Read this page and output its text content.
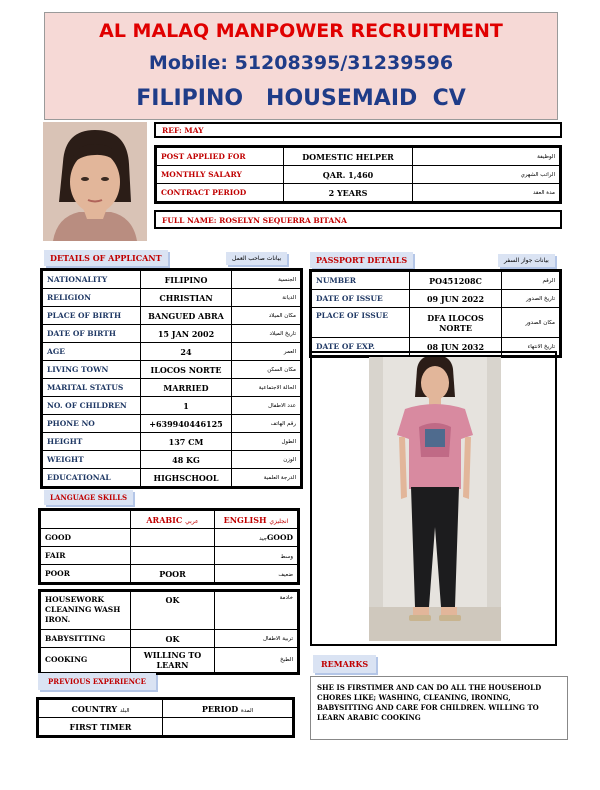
AL MALAQ MANPOWER RECRUITMENT
Mobile: 51208395/31239596
FILIPINO   HOUSEMAID  CV
REF: MAY
POST APPLIED FOR	DOMESTIC HELPER	الوظيفة
MONTHLY SALARY	QAR. 1,460	الراتب الشهري
CONTRACT PERIOD	2 YEARS	مدة العقد
FULL NAME: ROSELYN SEQUERRA BITANA
DETAILS OF APPLICANT	بيانات صاحب العمل
NATIONALITY	FILIPINO	الجنسية
RELIGION	CHRISTIAN	الديانة
PLACE OF BIRTH	BANGUED ABRA	مكان الميلاد
DATE OF BIRTH	15 JAN 2002	تاريخ الميلاد
AGE	24	العمر
LIVING TOWN	ILOCOS NORTE	مكان السكن
MARITAL STATUS	MARRIED	الحالة الاجتماعية
NO. OF CHILDREN	1	عدد الاطفال
PHONE NO	+639940446125	رقم الهاتف
HEIGHT	137 CM	الطول
WEIGHT	48 KG	الوزن
EDUCATIONAL	HIGHSCHOOL	الدرجة العلمية
PASSPORT DETAILS	بيانات جواز السفر
NUMBER	PO451208C	الرقم
DATE OF ISSUE	09 JUN 2022	تاريخ الصدور
PLACE OF ISSUE	DFA ILOCOS NORTE	مكان الصدور
DATE OF EXP.	08 JUN 2032	تاريخ الانتهاء
LANGUAGE SKILLS
	ARABIC عربي	ENGLISH انجليزي
GOOD		جيدGOOD
FAIR		وسط
POOR	POOR	ضعيف
HOUSEWORK CLEANING WASH IRON.	OK	خادمة
BABYSITTING	OK	تربية الاطفال
COOKING	WILLING TO LEARN	الطبخ
PREVIOUS EXPERIENCE
COUNTRY البلد	PERIOD المدة
FIRST TIMER	
REMARKS
SHE IS FIRSTIMER AND CAN DO ALL THE HOUSEHOLD CHORES LIKE; WASHING, CLEANING, IRONING, BABYSITTING AND CARE FOR CHILDREN. WILLING TO LEARN ARABIC COOKING
